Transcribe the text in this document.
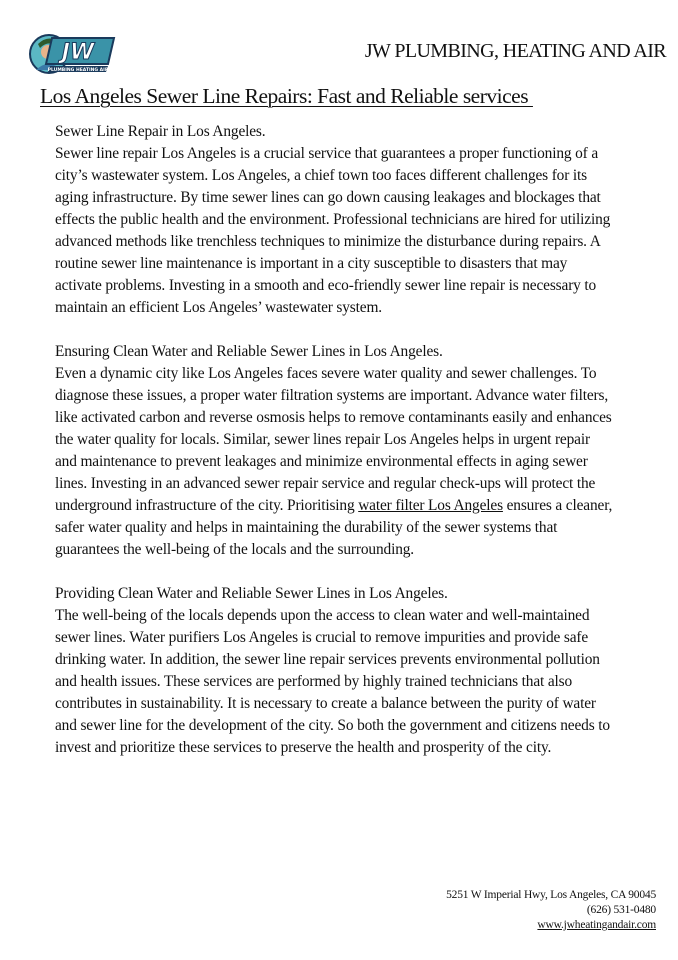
JW
PLUMBING HEATING AIR
JW PLUMBING, HEATING AND AIR
Los Angeles Sewer Line Repairs: Fast and Reliable services
Sewer Line Repair in Los Angeles.
Sewer line repair Los Angeles is a crucial service that guarantees a proper functioning of a city’s wastewater system. Los Angeles, a chief town too faces different challenges for its aging infrastructure. By time sewer lines can go down causing leakages and blockages that effects the public health and the environment. Professional technicians are hired for utilizing advanced methods like trenchless techniques to minimize the disturbance during repairs. A routine sewer line maintenance is important in a city susceptible to disasters that may activate problems. Investing in a smooth and eco-friendly sewer line repair is necessary to maintain an efficient Los Angeles’ wastewater system.
Ensuring Clean Water and Reliable Sewer Lines in Los Angeles.
Even a dynamic city like Los Angeles faces severe water quality and sewer challenges. To diagnose these issues, a proper water filtration systems are important. Advance water filters, like activated carbon and reverse osmosis helps to remove contaminants easily and enhances the water quality for locals. Similar, sewer lines repair Los Angeles helps in urgent repair and maintenance to prevent leakages and minimize environmental effects in aging sewer lines. Investing in an advanced sewer repair service and regular check-ups will protect the underground infrastructure of the city. Prioritising water filter Los Angeles ensures a cleaner, safer water quality and helps in maintaining the durability of the sewer systems that guarantees the well-being of the locals and the surrounding.
Providing Clean Water and Reliable Sewer Lines in Los Angeles.
The well-being of the locals depends upon the access to clean water and well-maintained sewer lines. Water purifiers Los Angeles is crucial to remove impurities and provide safe drinking water. In addition, the sewer line repair services prevents environmental pollution and health issues. These services are performed by highly trained technicians that also contributes in sustainability. It is necessary to create a balance between the purity of water and sewer line for the development of the city. So both the government and citizens needs to invest and prioritize these services to preserve the health and prosperity of the city.
5251 W Imperial Hwy, Los Angeles, CA 90045
(626) 531-0480
www.jwheatingandair.com
